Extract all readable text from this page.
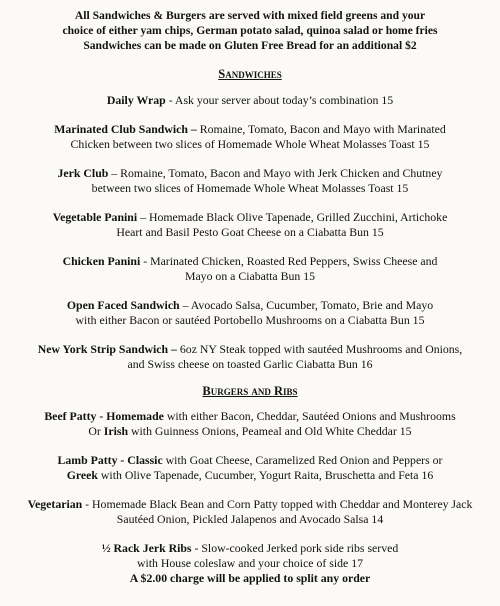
All Sandwiches & Burgers are served with mixed field greens and your
choice of either yam chips, German potato salad, quinoa salad or home fries
Sandwiches can be made on Gluten Free Bread for an additional $2
Sandwiches
Daily Wrap - Ask your server about today’s combination 15
Marinated Club Sandwich – Romaine, Tomato, Bacon and Mayo with Marinated
Chicken between two slices of Homemade Whole Wheat Molasses Toast 15
Jerk Club – Romaine, Tomato, Bacon and Mayo with Jerk Chicken and Chutney
between two slices of Homemade Whole Wheat Molasses Toast 15
Vegetable Panini – Homemade Black Olive Tapenade, Grilled Zucchini, Artichoke
Heart and Basil Pesto Goat Cheese on a Ciabatta Bun 15
Chicken Panini - Marinated Chicken, Roasted Red Peppers, Swiss Cheese and
Mayo on a Ciabatta Bun 15
Open Faced Sandwich – Avocado Salsa, Cucumber, Tomato, Brie and Mayo
with either Bacon or sautéed Portobello Mushrooms on a Ciabatta Bun 15
New York Strip Sandwich – 6oz NY Steak topped with sautéed Mushrooms and Onions,
and Swiss cheese on toasted Garlic Ciabatta Bun 16
Burgers and Ribs
Beef Patty - Homemade with either Bacon, Cheddar, Sautéed Onions and Mushrooms
Or Irish with Guinness Onions, Peameal and Old White Cheddar 15
Lamb Patty - Classic with Goat Cheese, Caramelized Red Onion and Peppers or
Greek with Olive Tapenade, Cucumber, Yogurt Raita, Bruschetta and Feta 16
Vegetarian - Homemade Black Bean and Corn Patty topped with Cheddar and Monterey Jack
Sautéed Onion, Pickled Jalapenos and Avocado Salsa 14
½ Rack Jerk Ribs - Slow-cooked Jerked pork side ribs served
with House coleslaw and your choice of side 17
A $2.00 charge will be applied to split any order
